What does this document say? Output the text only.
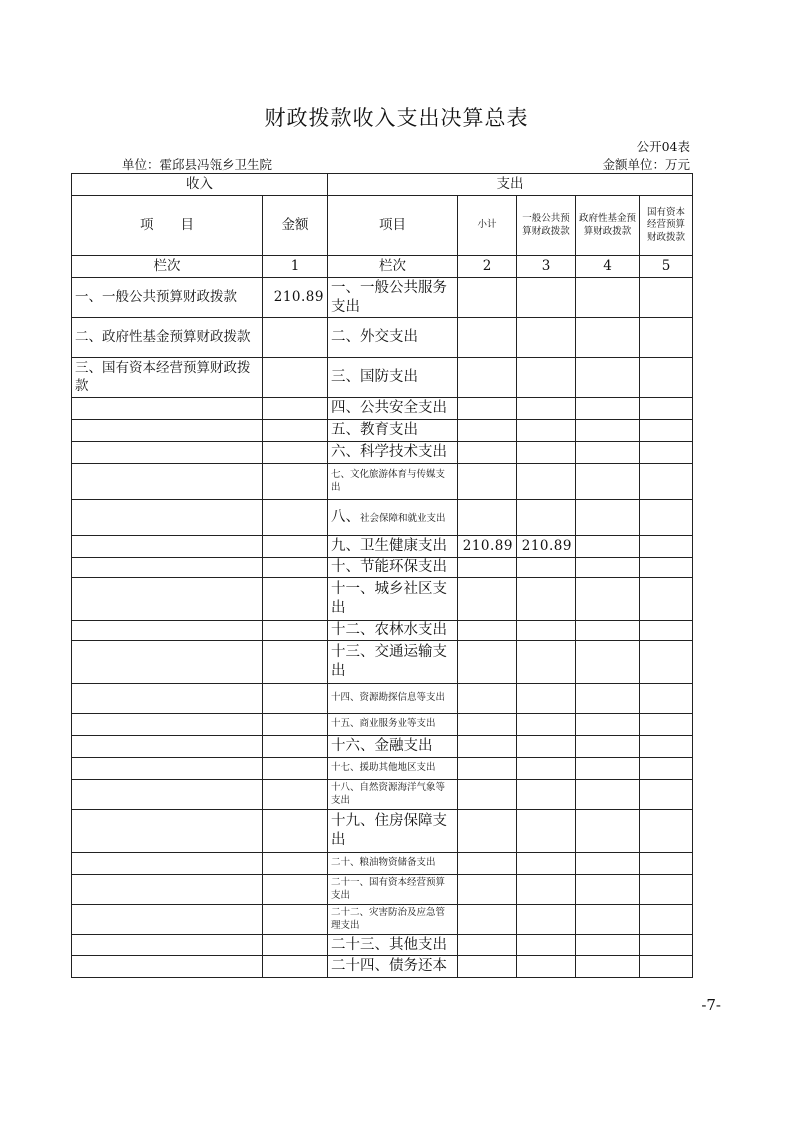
财政拨款收入支出决算总表
公开04表
单位：霍邱县冯瓴乡卫生院	金额单位：万元
收入		支出				
项　　目	金额	项目	小计	一般公共预算财政拨款	政府性基金预算财政拨款	国有资本经营预算财政拨款
栏次	1	栏次	2	3	4	5
一、一般公共预算财政拨款	210.89	一、一般公共服务支出				
二、政府性基金预算财政拨款		二、外交支出				
三、国有资本经营预算财政拨款		三、国防支出				
		四、公共安全支出				
		五、教育支出				
		六、科学技术支出				
		七、文化旅游体育与传媒支出				
		八、社会保障和就业支出				
		九、卫生健康支出	210.89	210.89		
		十、节能环保支出				
		十一、城乡社区支出				
		十二、农林水支出				
		十三、交通运输支出				
		十四、资源勘探信息等支出				
		十五、商业服务业等支出				
		十六、金融支出				
		十七、援助其他地区支出				
		十八、自然资源海洋气象等支出				
		十九、住房保障支出				
		二十、粮油物资储备支出				
		二十一、国有资本经营预算支出				
		二十二、灾害防治及应急管理支出				
		二十三、其他支出				
		二十四、债务还本				
-7-
